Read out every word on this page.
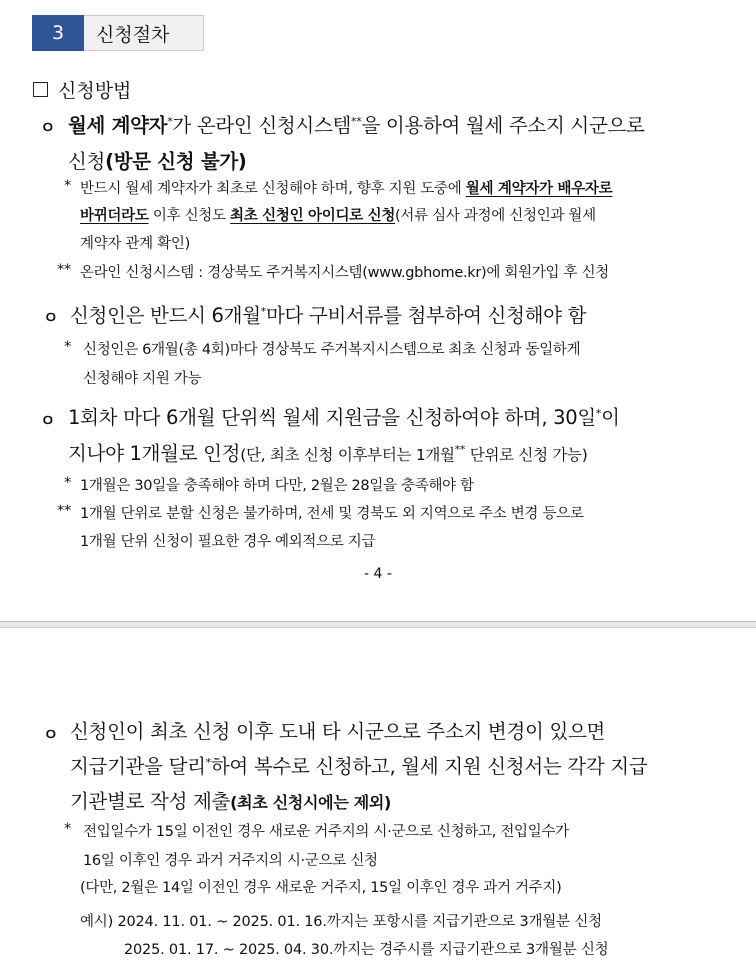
3	신청절차
신청방법
ㅇ 월세 계약자*가 온라인 신청시스템**을 이용하여 월세 주소지 시군으로
신청(방문 신청 불가)
* 반드시 월세 계약자가 최초로 신청해야 하며, 향후 지원 도중에 월세 계약자가 배우자로
바뀌더라도 이후 신청도 최초 신청인 아이디로 신청(서류 심사 과정에 신청인과 월세
계약자 관계 확인)
** 온라인 신청시스템 : 경상북도 주거복지시스템(www.gbhome.kr)에 회원가입 후 신청
ㅇ 신청인은 반드시 6개월*마다 구비서류를 첨부하여 신청해야 함
* 신청인은 6개월(총 4회)마다 경상북도 주거복지시스템으로 최초 신청과 동일하게
신청해야 지원 가능
ㅇ 1회차 마다 6개월 단위씩 월세 지원금을 신청하여야 하며, 30일*이
지나야 1개월로 인정(단, 최초 신청 이후부터는 1개월** 단위로 신청 가능)
* 1개월은 30일을 충족해야 하며 다만, 2월은 28일을 충족해야 함
** 1개월 단위로 분할 신청은 불가하며, 전세 및 경북도 외 지역으로 주소 변경 등으로
1개월 단위 신청이 필요한 경우 예외적으로 지급
- 4 -
ㅇ 신청인이 최초 신청 이후 도내 타 시군으로 주소지 변경이 있으면
지급기관을 달리*하여 복수로 신청하고, 월세 지원 신청서는 각각 지급
기관별로 작성 제출(최초 신청시에는 제외)
* 전입일수가 15일 이전인 경우 새로운 거주지의 시·군으로 신청하고, 전입일수가
16일 이후인 경우 과거 거주지의 시·군으로 신청
(다만, 2월은 14일 이전인 경우 새로운 거주지, 15일 이후인 경우 과거 거주지)
예시) 2024. 11. 01. ~ 2025. 01. 16.까지는 포항시를 지급기관으로 3개월분 신청
2025. 01. 17. ~ 2025. 04. 30.까지는 경주시를 지급기관으로 3개월분 신청
